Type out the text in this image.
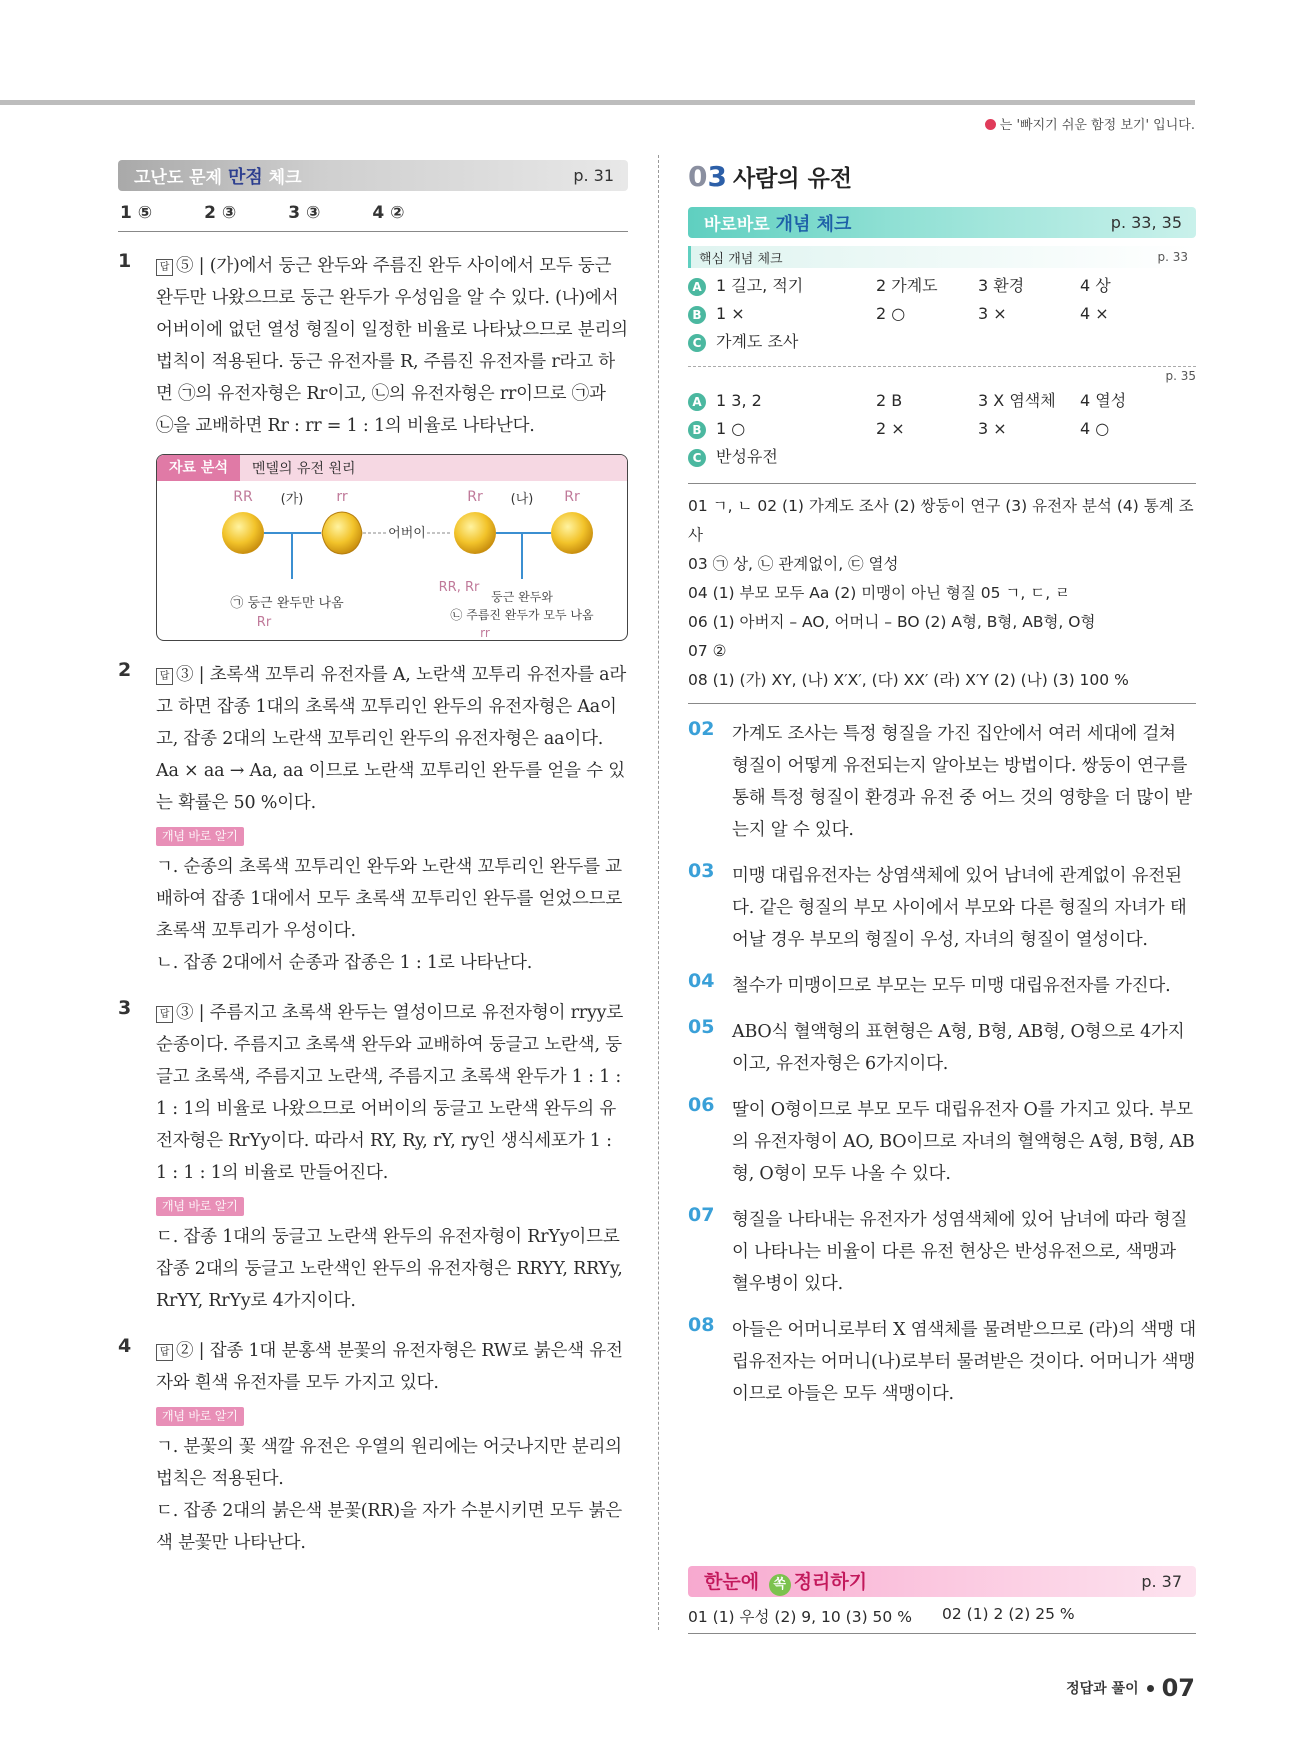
는 '빠지기 쉬운 함정 보기' 입니다.
고난도 문제 만점 체크	p. 31
1 ⑤	2 ③	3 ③	4 ②
1	답 ⑤ | (가)에서 둥근 완두와 주름진 완두 사이에서 모두 둥근 완두만 나왔으므로 둥근 완두가 우성임을 알 수 있다. (나)에서 어버이에 없던 열성 형질이 일정한 비율로 나타났으므로 분리의 법칙이 적용된다. 둥근 유전자를 R, 주름진 유전자를 r라고 하면 ㉠의 유전자형은 Rr이고, ㉡의 유전자형은 rr이므로 ㉠과 ㉡을 교배하면 Rr : rr = 1 : 1의 비율로 나타난다.
자료 분석	멘델의 유전 원리
RR (가) rr
어버이
Rr (나) Rr
㉠ 둥근 완두만 나옴
Rr
RR, Rr
둥근 완두와
㉡ 주름진 완두가 모두 나옴
rr
2	답 ③ | 초록색 꼬투리 유전자를 A, 노란색 꼬투리 유전자를 a라고 하면 잡종 1대의 초록색 꼬투리인 완두의 유전자형은 Aa이고, 잡종 2대의 노란색 꼬투리인 완두의 유전자형은 aa이다. Aa × aa → Aa, aa 이므로 노란색 꼬투리인 완두를 얻을 수 있는 확률은 50 %이다.
개념 바로 알기
ㄱ. 순종의 초록색 꼬투리인 완두와 노란색 꼬투리인 완두를 교배하여 잡종 1대에서 모두 초록색 꼬투리인 완두를 얻었으므로 초록색 꼬투리가 우성이다.
ㄴ. 잡종 2대에서 순종과 잡종은 1 : 1로 나타난다.
3	답 ③ | 주름지고 초록색 완두는 열성이므로 유전자형이 rryy로 순종이다. 주름지고 초록색 완두와 교배하여 둥글고 노란색, 둥글고 초록색, 주름지고 노란색, 주름지고 초록색 완두가 1 : 1 : 1 : 1의 비율로 나왔으므로 어버이의 둥글고 노란색 완두의 유전자형은 RrYy이다. 따라서 RY, Ry, rY, ry인 생식세포가 1 : 1 : 1 : 1의 비율로 만들어진다.
개념 바로 알기
ㄷ. 잡종 1대의 둥글고 노란색 완두의 유전자형이 RrYy이므로 잡종 2대의 둥글고 노란색인 완두의 유전자형은 RRYY, RRYy, RrYY, RrYy로 4가지이다.
4	답 ② | 잡종 1대 분홍색 분꽃의 유전자형은 RW로 붉은색 유전자와 흰색 유전자를 모두 가지고 있다.
개념 바로 알기
ㄱ. 분꽃의 꽃 색깔 유전은 우열의 원리에는 어긋나지만 분리의 법칙은 적용된다.
ㄷ. 잡종 2대의 붉은색 분꽃(RR)을 자가 수분시키면 모두 붉은색 분꽃만 나타난다.
03 사람의 유전
바로바로 개념 체크	p. 33, 35
핵심 개념 체크	p. 33
A 1 길고, 적기	2 가계도	3 환경	4 상
B 1 ×	2 ○	3 ×	4 ×
C 가계도 조사
p. 35
A 1 3, 2	2 B	3 X 염색체	4 열성
B 1 ○	2 ×	3 ×	4 ○
C 반성유전
01 ㄱ, ㄴ 02 (1) 가계도 조사 (2) 쌍둥이 연구 (3) 유전자 분석 (4) 통계 조사
03 ㉠ 상, ㉡ 관계없이, ㉢ 열성
04 (1) 부모 모두 Aa (2) 미맹이 아닌 형질 05 ㄱ, ㄷ, ㄹ
06 (1) 아버지 – AO, 어머니 – BO (2) A형, B형, AB형, O형
07 ②
08 (1) (가) XY, (나) X′X′, (다) XX′ (라) X′Y (2) (나) (3) 100 %
02	가계도 조사는 특정 형질을 가진 집안에서 여러 세대에 걸쳐 형질이 어떻게 유전되는지 알아보는 방법이다. 쌍둥이 연구를 통해 특정 형질이 환경과 유전 중 어느 것의 영향을 더 많이 받는지 알 수 있다.
03	미맹 대립유전자는 상염색체에 있어 남녀에 관계없이 유전된다. 같은 형질의 부모 사이에서 부모와 다른 형질의 자녀가 태어날 경우 부모의 형질이 우성, 자녀의 형질이 열성이다.
04	철수가 미맹이므로 부모는 모두 미맹 대립유전자를 가진다.
05	ABO식 혈액형의 표현형은 A형, B형, AB형, O형으로 4가지이고, 유전자형은 6가지이다.
06	딸이 O형이므로 부모 모두 대립유전자 O를 가지고 있다. 부모의 유전자형이 AO, BO이므로 자녀의 혈액형은 A형, B형, AB형, O형이 모두 나올 수 있다.
07	형질을 나타내는 유전자가 성염색체에 있어 남녀에 따라 형질이 나타나는 비율이 다른 유전 현상은 반성유전으로, 색맹과 혈우병이 있다.
08	아들은 어머니로부터 X 염색체를 물려받으므로 (라)의 색맹 대립유전자는 어머니(나)로부터 물려받은 것이다. 어머니가 색맹이므로 아들은 모두 색맹이다.
한눈에 쏙 정리하기	p. 37
01 (1) 우성 (2) 9, 10 (3) 50 %	02 (1) 2 (2) 25 %
정답과 풀이 07
